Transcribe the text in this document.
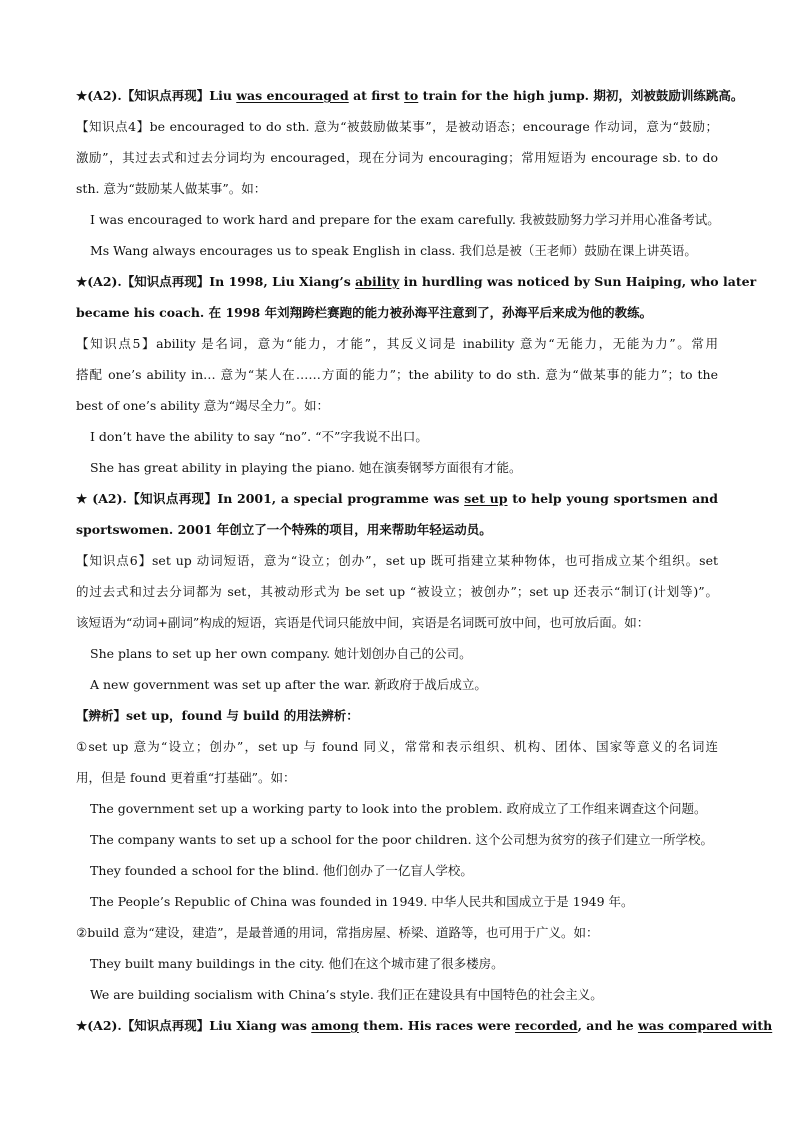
★(A2).【知识点再现】Liu was encouraged at first to train for the high jump. 期初，刘被鼓励训练跳高。
【知识点4】be encouraged to do sth. 意为“被鼓励做某事”，是被动语态；encourage 作动词，意为“鼓励；
激励”，其过去式和过去分词均为 encouraged，现在分词为 encouraging；常用短语为 encourage sb. to do
sth. 意为“鼓励某人做某事”。如：
I was encouraged to work hard and prepare for the exam carefully. 我被鼓励努力学习并用心准备考试。
Ms Wang always encourages us to speak English in class. 我们总是被（王老师）鼓励在课上讲英语。
★(A2).【知识点再现】In 1998, Liu Xiang’s ability in hurdling was noticed by Sun Haiping, who later
became his coach. 在 1998 年刘翔跨栏赛跑的能力被孙海平注意到了，孙海平后来成为他的教练。
【知识点5】ability 是名词，意为“能力，才能”，其反义词是 inability 意为“无能力，无能为力”。常用
搭配 one’s ability in… 意为“某人在……方面的能力”；the ability to do sth. 意为“做某事的能力”；to the
best of one’s ability 意为“竭尽全力”。如：
I don’t have the ability to say “no”. “不”字我说不出口。
She has great ability in playing the piano. 她在演奏钢琴方面很有才能。
★ (A2).【知识点再现】In 2001, a special programme was set up to help young sportsmen and
sportswomen. 2001 年创立了一个特殊的项目，用来帮助年轻运动员。
【知识点6】set up 动词短语，意为“设立；创办”，set up 既可指建立某种物体，也可指成立某个组织。set
的过去式和过去分词都为 set，其被动形式为 be set up “被设立；被创办”；set up 还表示“制订(计划等)”。
该短语为“动词+副词”构成的短语，宾语是代词只能放中间，宾语是名词既可放中间，也可放后面。如：
She plans to set up her own company. 她计划创办自己的公司。
A new government was set up after the war. 新政府于战后成立。
【辨析】set up，found 与 build 的用法辨析：
①set up 意为“设立；创办”，set up 与 found 同义，常常和表示组织、机构、团体、国家等意义的名词连
用，但是 found 更着重“打基础”。如：
The government set up a working party to look into the problem. 政府成立了工作组来调查这个问题。
The company wants to set up a school for the poor children. 这个公司想为贫穷的孩子们建立一所学校。
They founded a school for the blind. 他们创办了一亿盲人学校。
The People’s Republic of China was founded in 1949. 中华人民共和国成立于是 1949 年。
②build 意为“建设，建造”，是最普通的用词，常指房屋、桥梁、道路等，也可用于广义。如：
They built many buildings in the city. 他们在这个城市建了很多楼房。
We are building socialism with China’s style. 我们正在建设具有中国特色的社会主义。
★(A2).【知识点再现】Liu Xiang was among them. His races were recorded, and he was compared with
